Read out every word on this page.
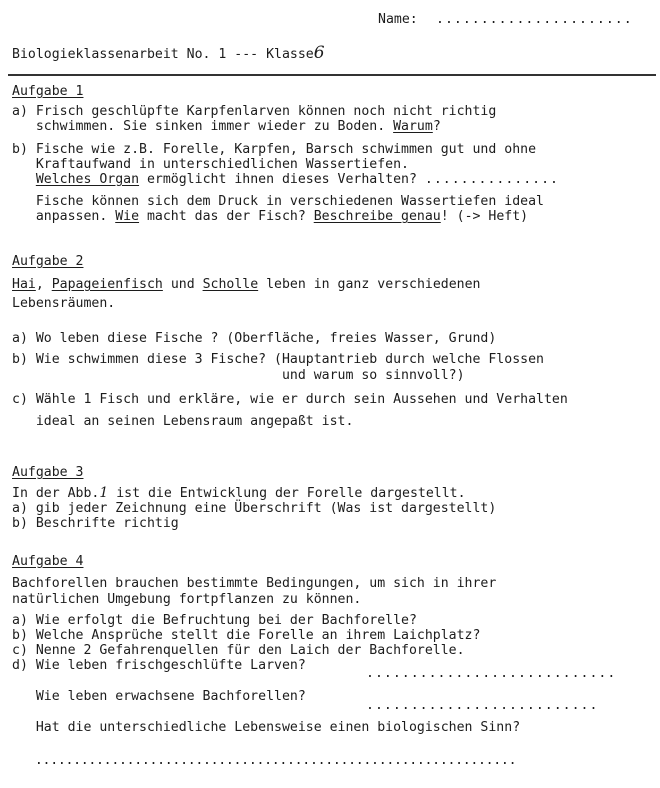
Name: ......................
Biologieklassenarbeit No. 1 --- Klasse6
Aufgabe 1
a) Frisch geschlüpfte Karpfenlarven können noch nicht richtig
schwimmen. Sie sinken immer wieder zu Boden. Warum?
b) Fische wie z.B. Forelle, Karpfen, Barsch schwimmen gut und ohne
Kraftaufwand in unterschiedlichen Wassertiefen.
Welches Organ ermöglicht ihnen dieses Verhalten? ...............
Fische können sich dem Druck in verschiedenen Wassertiefen ideal
anpassen. Wie macht das der Fisch? Beschreibe genau! (-> Heft)
Aufgabe 2
Hai, Papageienfisch und Scholle leben in ganz verschiedenen
Lebensräumen.
a) Wo leben diese Fische ? (Oberfläche, freies Wasser, Grund)
b) Wie schwimmen diese 3 Fische? (Hauptantrieb durch welche Flossen
und warum so sinnvoll?)
c) Wähle 1 Fisch und erkläre, wie er durch sein Aussehen und Verhalten
ideal an seinen Lebensraum angepaßt ist.
Aufgabe 3
In der Abb.1 ist die Entwicklung der Forelle dargestellt.
a) gib jeder Zeichnung eine Überschrift (Was ist dargestellt)
b) Beschrifte richtig
Aufgabe 4
Bachforellen brauchen bestimmte Bedingungen, um sich in ihrer
natürlichen Umgebung fortpflanzen zu können.
a) Wie erfolgt die Befruchtung bei der Bachforelle?
b) Welche Ansprüche stellt die Forelle an ihrem Laichplatz?
c) Nenne 2 Gefahrenquellen für den Laich der Bachforelle.
d) Wie leben frischgeschlüfte Larven?
............................
Wie leben erwachsene Bachforellen?
..........................
Hat die unterschiedliche Lebensweise einen biologischen Sinn?
...............................................................
